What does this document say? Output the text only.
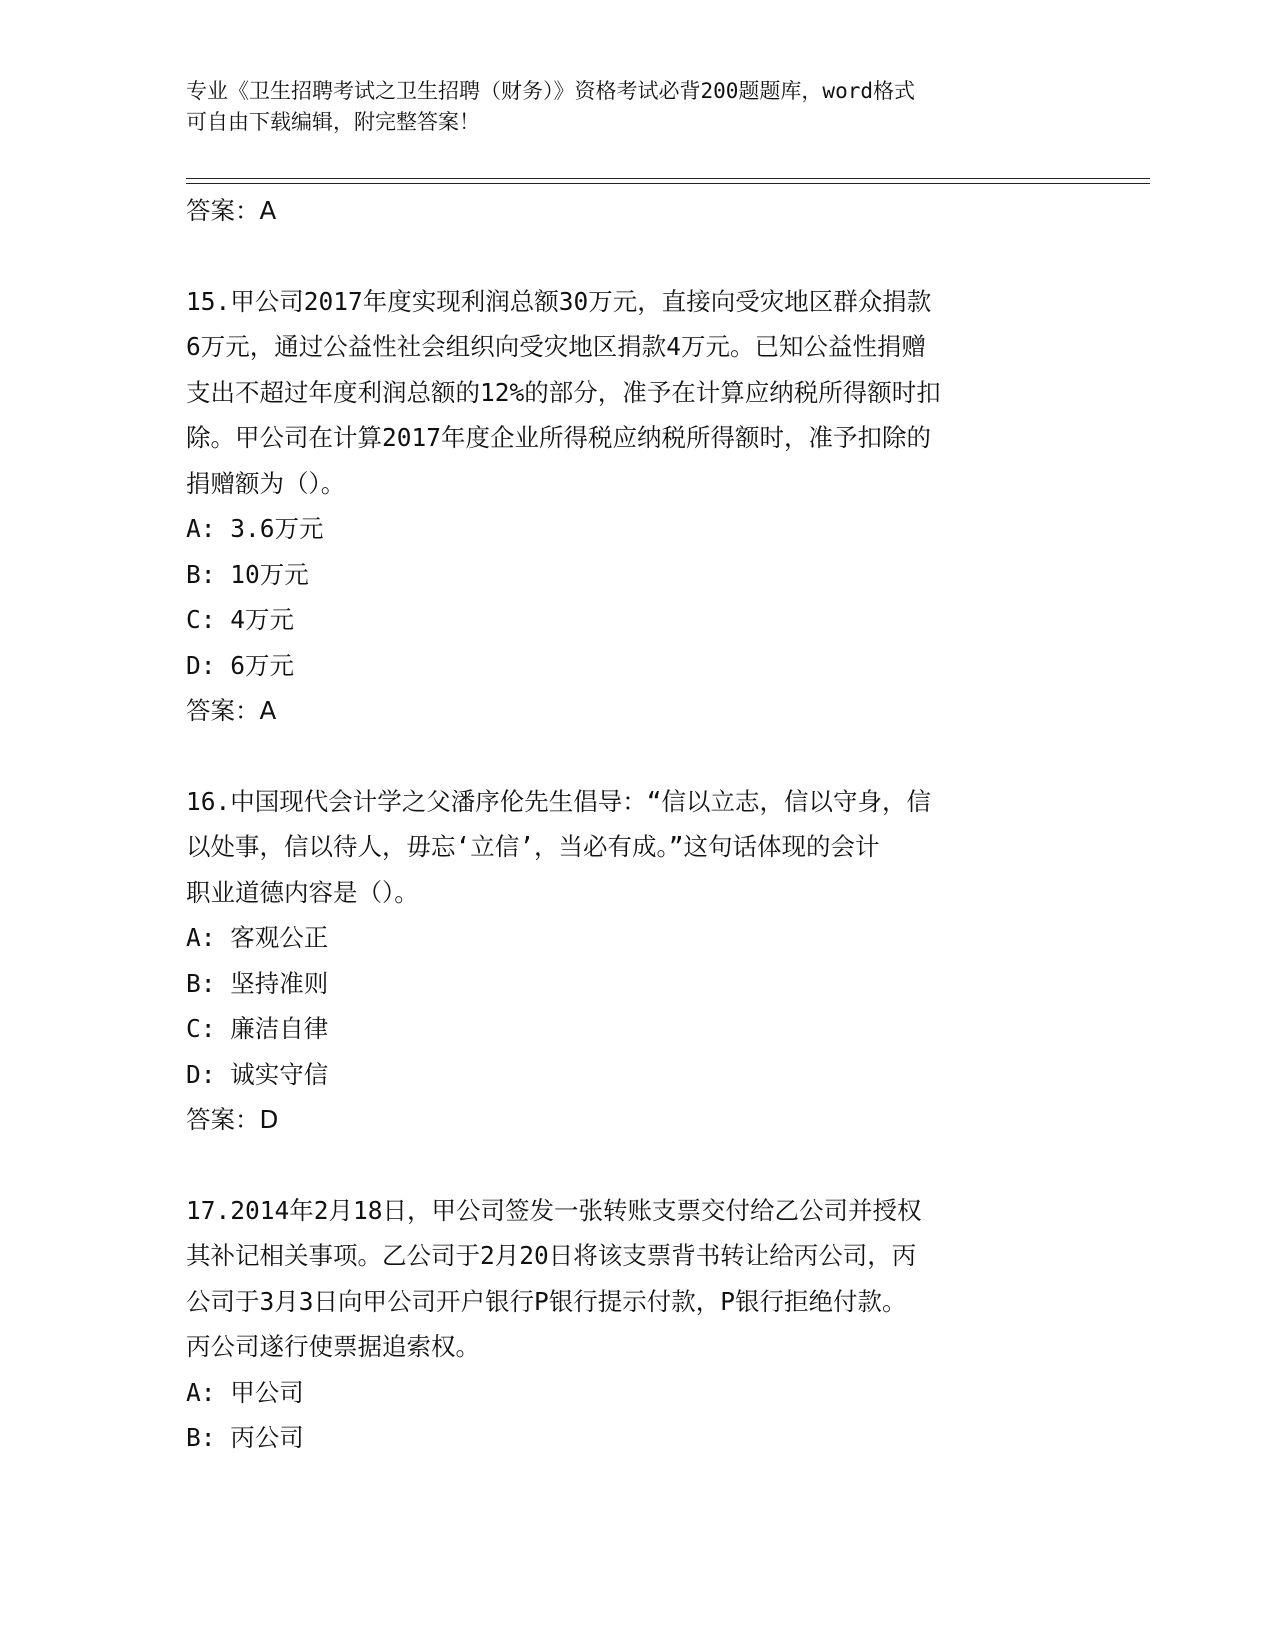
专业《卫生招聘考试之卫生招聘（财务）》资格考试必背200题题库，word格式
可自由下载编辑，附完整答案！
答案：A
15.甲公司2017年度实现利润总额30万元，直接向受灾地区群众捐款
6万元，通过公益性社会组织向受灾地区捐款4万元。已知公益性捐赠
支出不超过年度利润总额的12%的部分，准予在计算应纳税所得额时扣
除。甲公司在计算2017年度企业所得税应纳税所得额时，准予扣除的
捐赠额为（）。
A: 3.6万元
B: 10万元
C: 4万元
D: 6万元
答案：A
16.中国现代会计学之父潘序伦先生倡导：“信以立志，信以守身，信
以处事，信以待人，毋忘‘立信’，当必有成。”这句话体现的会计
职业道德内容是（）。
A: 客观公正
B: 坚持准则
C: 廉洁自律
D: 诚实守信
答案：D
17.2014年2月18日，甲公司签发一张转账支票交付给乙公司并授权
其补记相关事项。乙公司于2月20日将该支票背书转让给丙公司，丙
公司于3月3日向甲公司开户银行P银行提示付款，P银行拒绝付款。
丙公司遂行使票据追索权。
A: 甲公司
B: 丙公司
